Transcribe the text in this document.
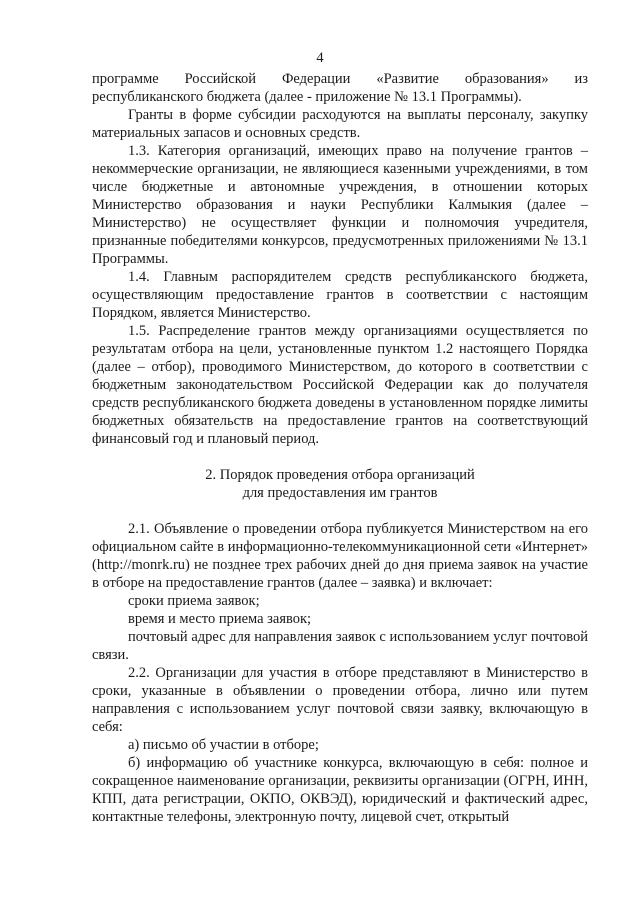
4

программе Российской Федерации «Развитие образования» из республиканского бюджета (далее - приложение № 13.1 Программы).

Гранты в форме субсидии расходуются на выплаты персоналу, закупку материальных запасов и основных средств.

1.3. Категория организаций, имеющих право на получение грантов – некоммерческие организации, не являющиеся казенными учреждениями, в том числе бюджетные и автономные учреждения, в отношении которых Министерство образования и науки Республики Калмыкия (далее – Министерство) не осуществляет функции и полномочия учредителя, признанные победителями конкурсов, предусмотренных приложениями № 13.1 Программы.

1.4. Главным распорядителем средств республиканского бюджета, осуществляющим предоставление грантов в соответствии с настоящим Порядком, является Министерство.

1.5. Распределение грантов между организациями осуществляется по результатам отбора на цели, установленные пунктом 1.2 настоящего Порядка (далее – отбор), проводимого Министерством, до которого в соответствии с бюджетным законодательством Российской Федерации как до получателя средств республиканского бюджета доведены в установленном порядке лимиты бюджетных обязательств на предоставление грантов на соответствующий финансовый год и плановый период.

2. Порядок проведения отбора организаций
для предоставления им грантов

2.1. Объявление о проведении отбора публикуется Министерством на его официальном сайте в информационно-телекоммуникационной сети «Интернет» (http://monrk.ru) не позднее трех рабочих дней до дня приема заявок на участие в отборе на предоставление грантов (далее – заявка) и включает:

сроки приема заявок;

время и место приема заявок;

почтовый адрес для направления заявок с использованием услуг почтовой связи.

2.2. Организации для участия в отборе представляют в Министерство в сроки, указанные в объявлении о проведении отбора, лично или путем направления с использованием услуг почтовой связи заявку, включающую в себя:

а) письмо об участии в отборе;

б) информацию об участнике конкурса, включающую в себя: полное и сокращенное наименование организации, реквизиты организации (ОГРН, ИНН, КПП, дата регистрации, ОКПО, ОКВЭД), юридический и фактический адрес, контактные телефоны, электронную почту, лицевой счет, открытый
